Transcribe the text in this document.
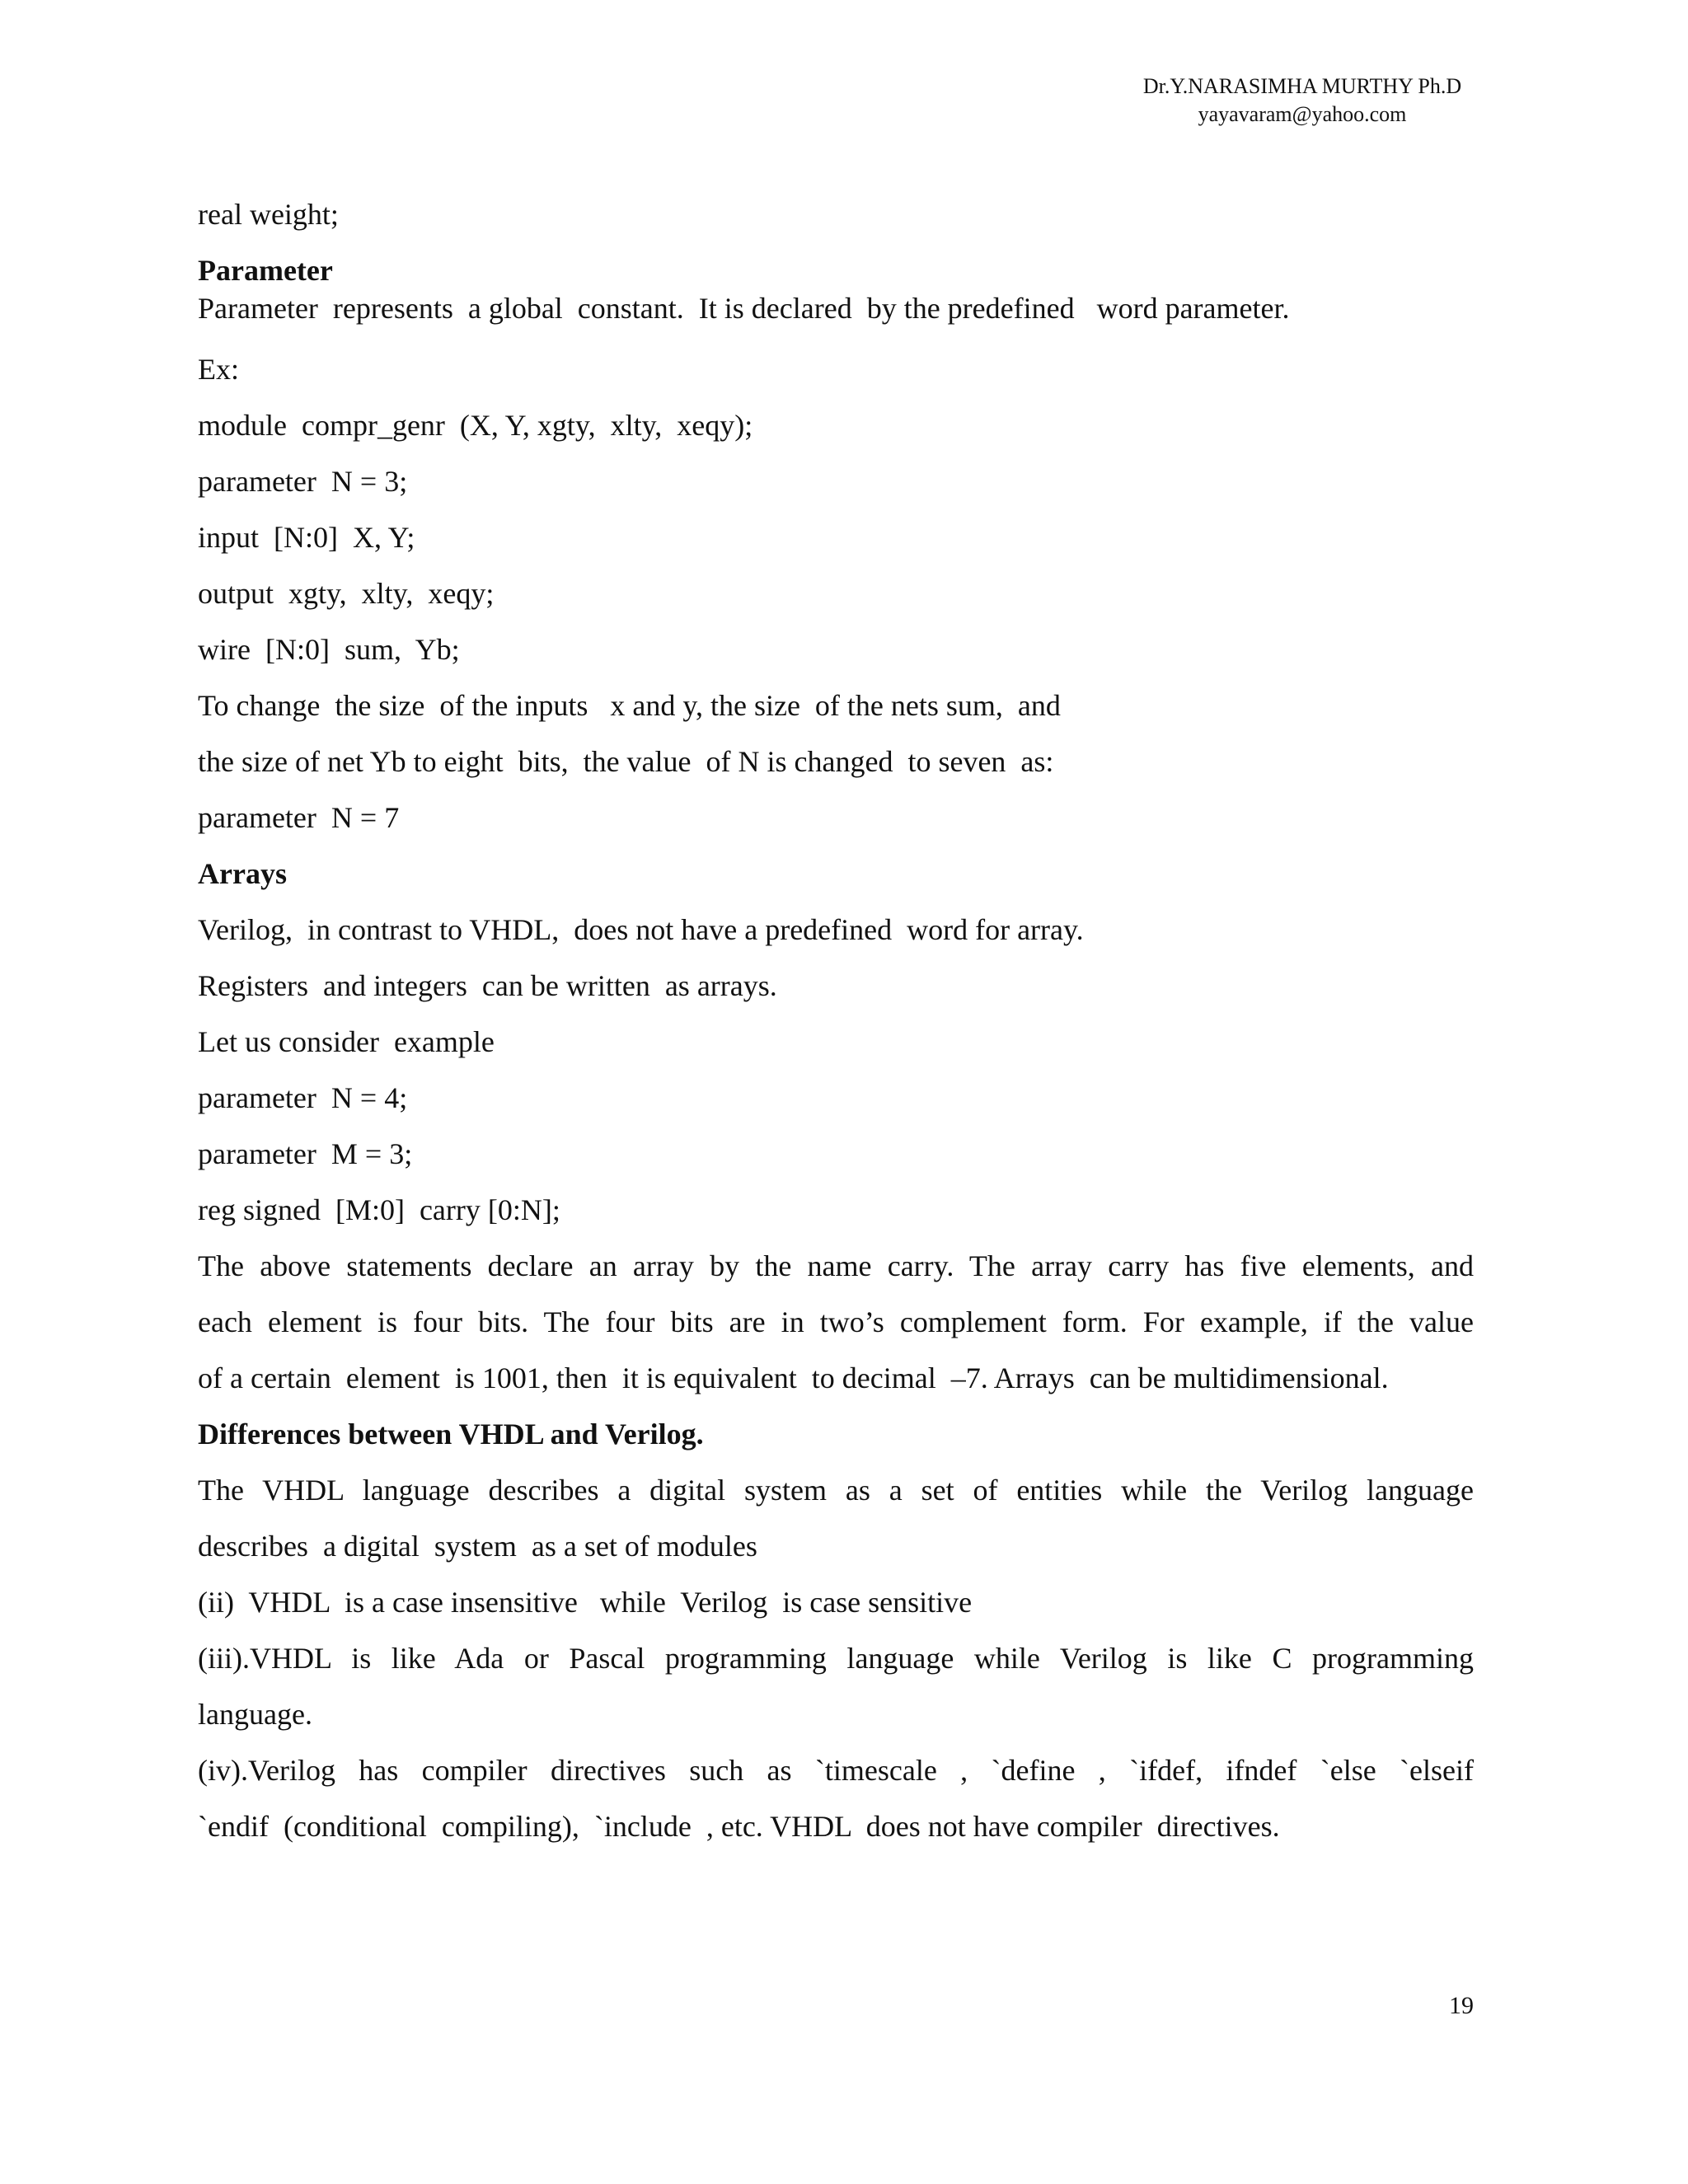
Dr.Y.NARASIMHA MURTHY Ph.D
yayavaram@yahoo.com
real weight;
Parameter
Parameter  represents  a global  constant.  It is declared  by the predefined   word parameter.
Ex:
module  compr_genr  (X, Y, xgty,  xlty,  xeqy);
parameter  N = 3;
input  [N:0]  X, Y;
output  xgty,  xlty,  xeqy;
wire  [N:0]  sum,  Yb;
To change  the size  of the inputs   x and y, the size  of the nets sum,  and
the size of net Yb to eight  bits,  the value  of N is changed  to seven  as:
parameter  N = 7
Arrays
Verilog,  in contrast to VHDL,  does not have a predefined  word for array.
Registers  and integers  can be written  as arrays.
Let us consider  example
parameter  N = 4;
parameter  M = 3;
reg signed  [M:0]  carry [0:N];
The above statements declare an array by the name carry. The array carry has five elements, and
each element is four bits. The four bits are in two’s complement form. For example, if the value
of a certain  element  is 1001, then  it is equivalent  to decimal  –7. Arrays  can be multidimensional.
Differences between VHDL and Verilog.
The VHDL language describes a digital system as a set of entities while the Verilog language
describes  a digital  system  as a set of modules
(ii)  VHDL  is a case insensitive   while  Verilog  is case sensitive
(iii).VHDL is like Ada or Pascal programming language while Verilog is like C programming
language.
(iv).Verilog has compiler directives such as `timescale , `define , `ifdef, ifndef `else `elseif
`endif  (conditional  compiling),  `include  , etc. VHDL  does not have compiler  directives.
19
